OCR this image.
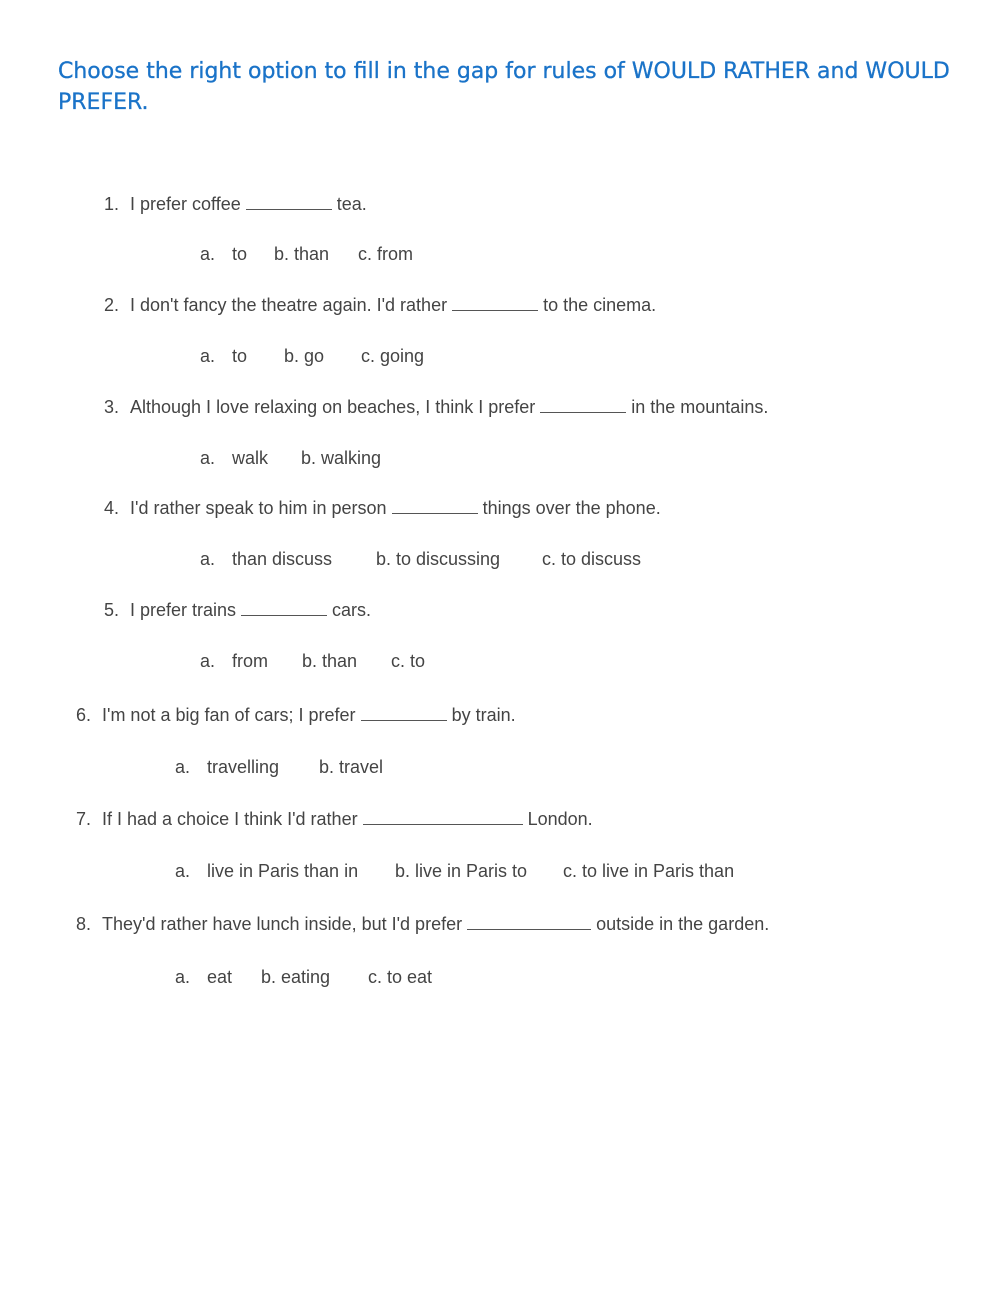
Choose the right option to fill in the gap for rules of WOULD RATHER and WOULD PREFER.
1. I prefer coffee	tea.
a. to b. than c. from
2. I don't fancy the theatre again. I'd rather	to the cinema.
a. to b. go c. going
3. Although I love relaxing on beaches, I think I prefer	in the mountains.
a. walk b. walking
4. I'd rather speak to him in person	things over the phone.
a. than discuss b. to discussing c. to discuss
5. I prefer trains	cars.
a. from b. than c. to
6. I'm not a big fan of cars; I prefer	by train.
a. travelling b. travel
7. If I had a choice I think I'd rather	London.
a. live in Paris than in b. live in Paris to c. to live in Paris than
8. They'd rather have lunch inside, but I'd prefer	outside in the garden.
a. eat b. eating c. to eat
